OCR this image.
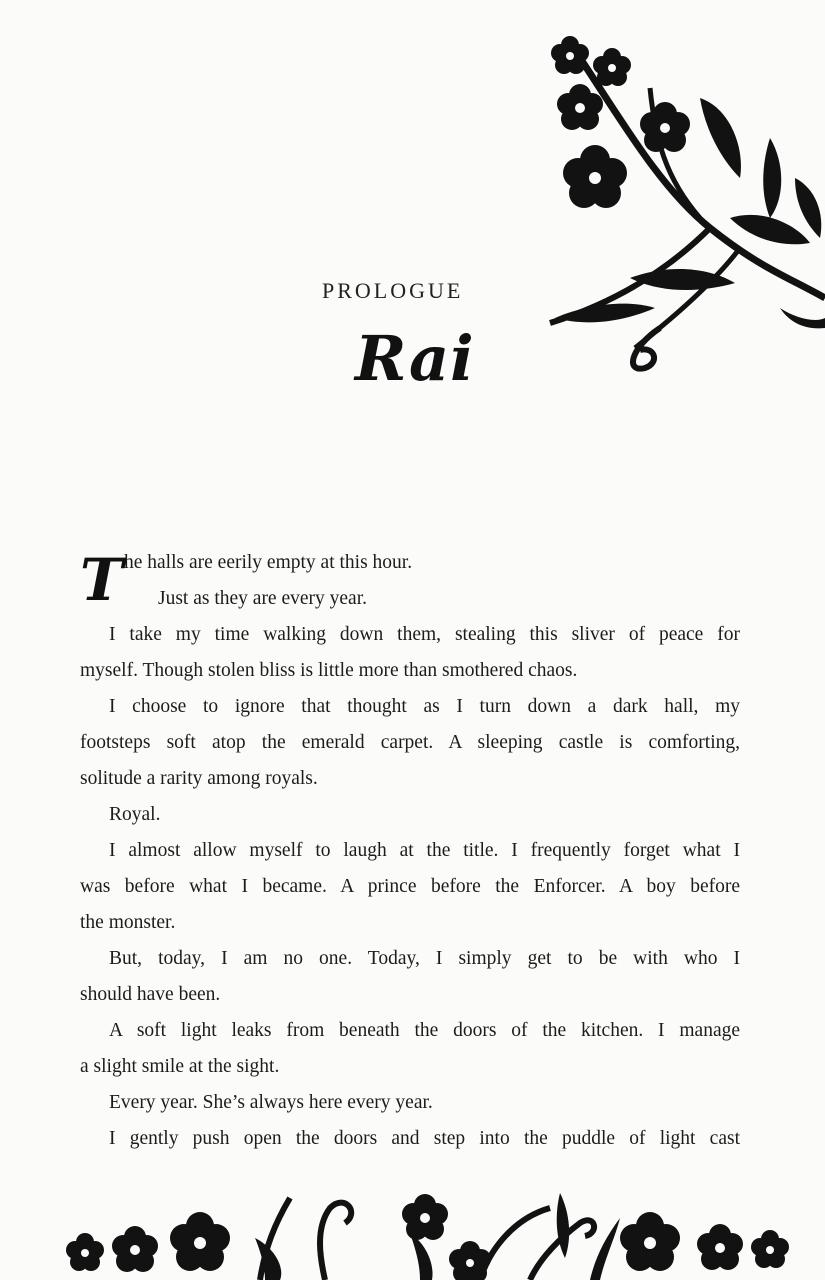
PROLOGUE
Rai
T he halls are eerily empty at this hour.
Just as they are every year.
I take my time walking down them, stealing this sliver of peace for
myself. Though stolen bliss is little more than smothered chaos.
I choose to ignore that thought as I turn down a dark hall, my
footsteps soft atop the emerald carpet. A sleeping castle is comforting,
solitude a rarity among royals.
Royal.
I almost allow myself to laugh at the title. I frequently forget what I
was before what I became. A prince before the Enforcer. A boy before
the monster.
But, today, I am no one. Today, I simply get to be with who I
should have been.
A soft light leaks from beneath the doors of the kitchen. I manage
a slight smile at the sight.
Every year. She’s always here every year.
I gently push open the doors and step into the puddle of light cast
